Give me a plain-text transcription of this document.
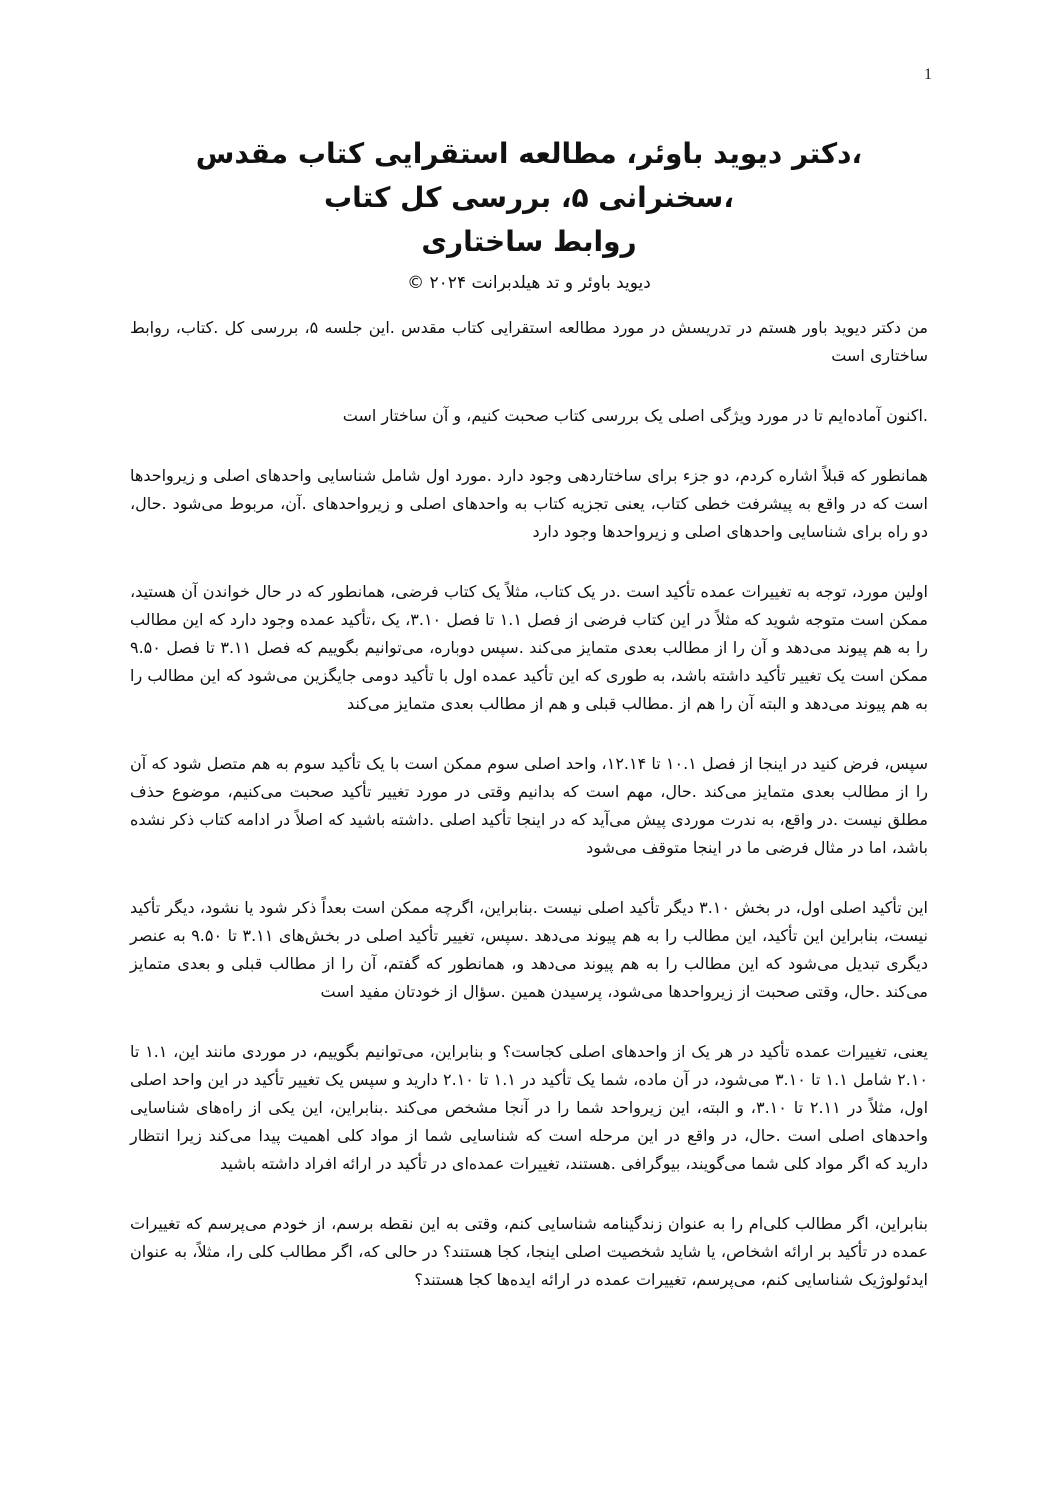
1
،دکتر دیوید باوئر، مطالعه استقرایی کتاب مقدس
،سخنرانی ۵، بررسی کل کتاب
روابط ساختاری
دیوید باوئر و تد هیلدبرانت ۲۰۲۴ ©

من دکتر دیوید باور هستم در تدریسش در مورد مطالعه استقرایی کتاب مقدس .این جلسه ۵، بررسی کل .کتاب، روابط ساختاری است

.اکنون آماده‌ایم تا در مورد ویژگی اصلی یک بررسی کتاب صحبت کنیم، و آن ساختار است

همانطور که قبلاً اشاره کردم، دو جزء برای ساختاردهی وجود دارد .مورد اول شامل شناسایی واحدهای اصلی و زیرواحدها است که در واقع به پیشرفت خطی کتاب، یعنی تجزیه کتاب به واحدهای اصلی و زیرواحدهای .آن، مربوط می‌شود .حال، دو راه برای شناسایی واحدهای اصلی و زیرواحدها وجود دارد

اولین مورد، توجه به تغییرات عمده تأکید است .در یک کتاب، مثلاً یک کتاب فرضی، همانطور که در حال خواندن آن هستید، ممکن است متوجه شوید که مثلاً در این کتاب فرضی از فصل ۱.۱ تا فصل ۳.۱۰، یک ،تأکید عمده وجود دارد که این مطالب را به هم پیوند می‌دهد و آن را از مطالب بعدی متمایز می‌کند .سپس دوباره، می‌توانیم بگوییم که فصل ۳.۱۱ تا فصل ۹.۵۰ ممکن است یک تغییر تأکید داشته باشد، به طوری که این تأکید عمده اول با تأکید دومی جایگزین می‌شود که این مطالب را به هم پیوند می‌دهد و البته آن را هم از .مطالب قبلی و هم از مطالب بعدی متمایز می‌کند

سپس، فرض کنید در اینجا از فصل ۱۰.۱ تا ۱۲.۱۴، واحد اصلی سوم ممکن است با یک تأکید سوم به هم متصل شود که آن را از مطالب بعدی متمایز می‌کند .حال، مهم است که بدانیم وقتی در مورد تغییر تأکید صحبت می‌کنیم، موضوع حذف مطلق نیست .در واقع، به ندرت موردی پیش می‌آید که در اینجا تأکید اصلی .داشته باشید که اصلاً در ادامه کتاب ذکر نشده باشد، اما در مثال فرضی ما در اینجا متوقف می‌شود

این تأکید اصلی اول، در بخش ۳.۱۰ دیگر تأکید اصلی نیست .بنابراین، اگرچه ممکن است بعداً ذکر شود یا نشود، دیگر تأکید نیست، بنابراین این تأکید، این مطالب را به هم پیوند می‌دهد .سپس، تغییر تأکید اصلی در بخش‌های ۳.۱۱ تا ۹.۵۰ به عنصر دیگری تبدیل می‌شود که این مطالب را به هم پیوند می‌دهد و، همانطور که گفتم، آن را از مطالب قبلی و بعدی متمایز می‌کند .حال، وقتی صحبت از زیرواحدها می‌شود، پرسیدن همین .سؤال از خودتان مفید است

یعنی، تغییرات عمده تأکید در هر یک از واحدهای اصلی کجاست؟ و بنابراین، می‌توانیم بگوییم، در موردی مانند این، ۱.۱ تا ۲.۱۰ شامل ۱.۱ تا ۳.۱۰ می‌شود، در آن ماده، شما یک تأکید در ۱.۱ تا ۲.۱۰ دارید و سپس یک تغییر تأکید در این واحد اصلی اول، مثلاً در ۲.۱۱ تا ۳.۱۰، و البته، این زیرواحد شما را در آنجا مشخص می‌کند .بنابراین، این یکی از راه‌های شناسایی واحدهای اصلی است .حال، در واقع در این مرحله است که شناسایی شما از مواد کلی اهمیت پیدا می‌کند زیرا انتظار دارید که اگر مواد کلی شما می‌گویند، بیوگرافی .هستند، تغییرات عمده‌ای در تأکید در ارائه افراد داشته باشید

بنابراین، اگر مطالب کلی‌ام را به عنوان زندگینامه شناسایی کنم، وقتی به این نقطه برسم، از خودم می‌پرسم که تغییرات عمده در تأکید بر ارائه اشخاص، یا شاید شخصیت اصلی اینجا، کجا هستند؟ در حالی که، اگر مطالب کلی را، مثلاً، به عنوان ایدئولوژیک شناسایی کنم، می‌پرسم، تغییرات عمده در ارائه ایده‌ها کجا هستند؟
